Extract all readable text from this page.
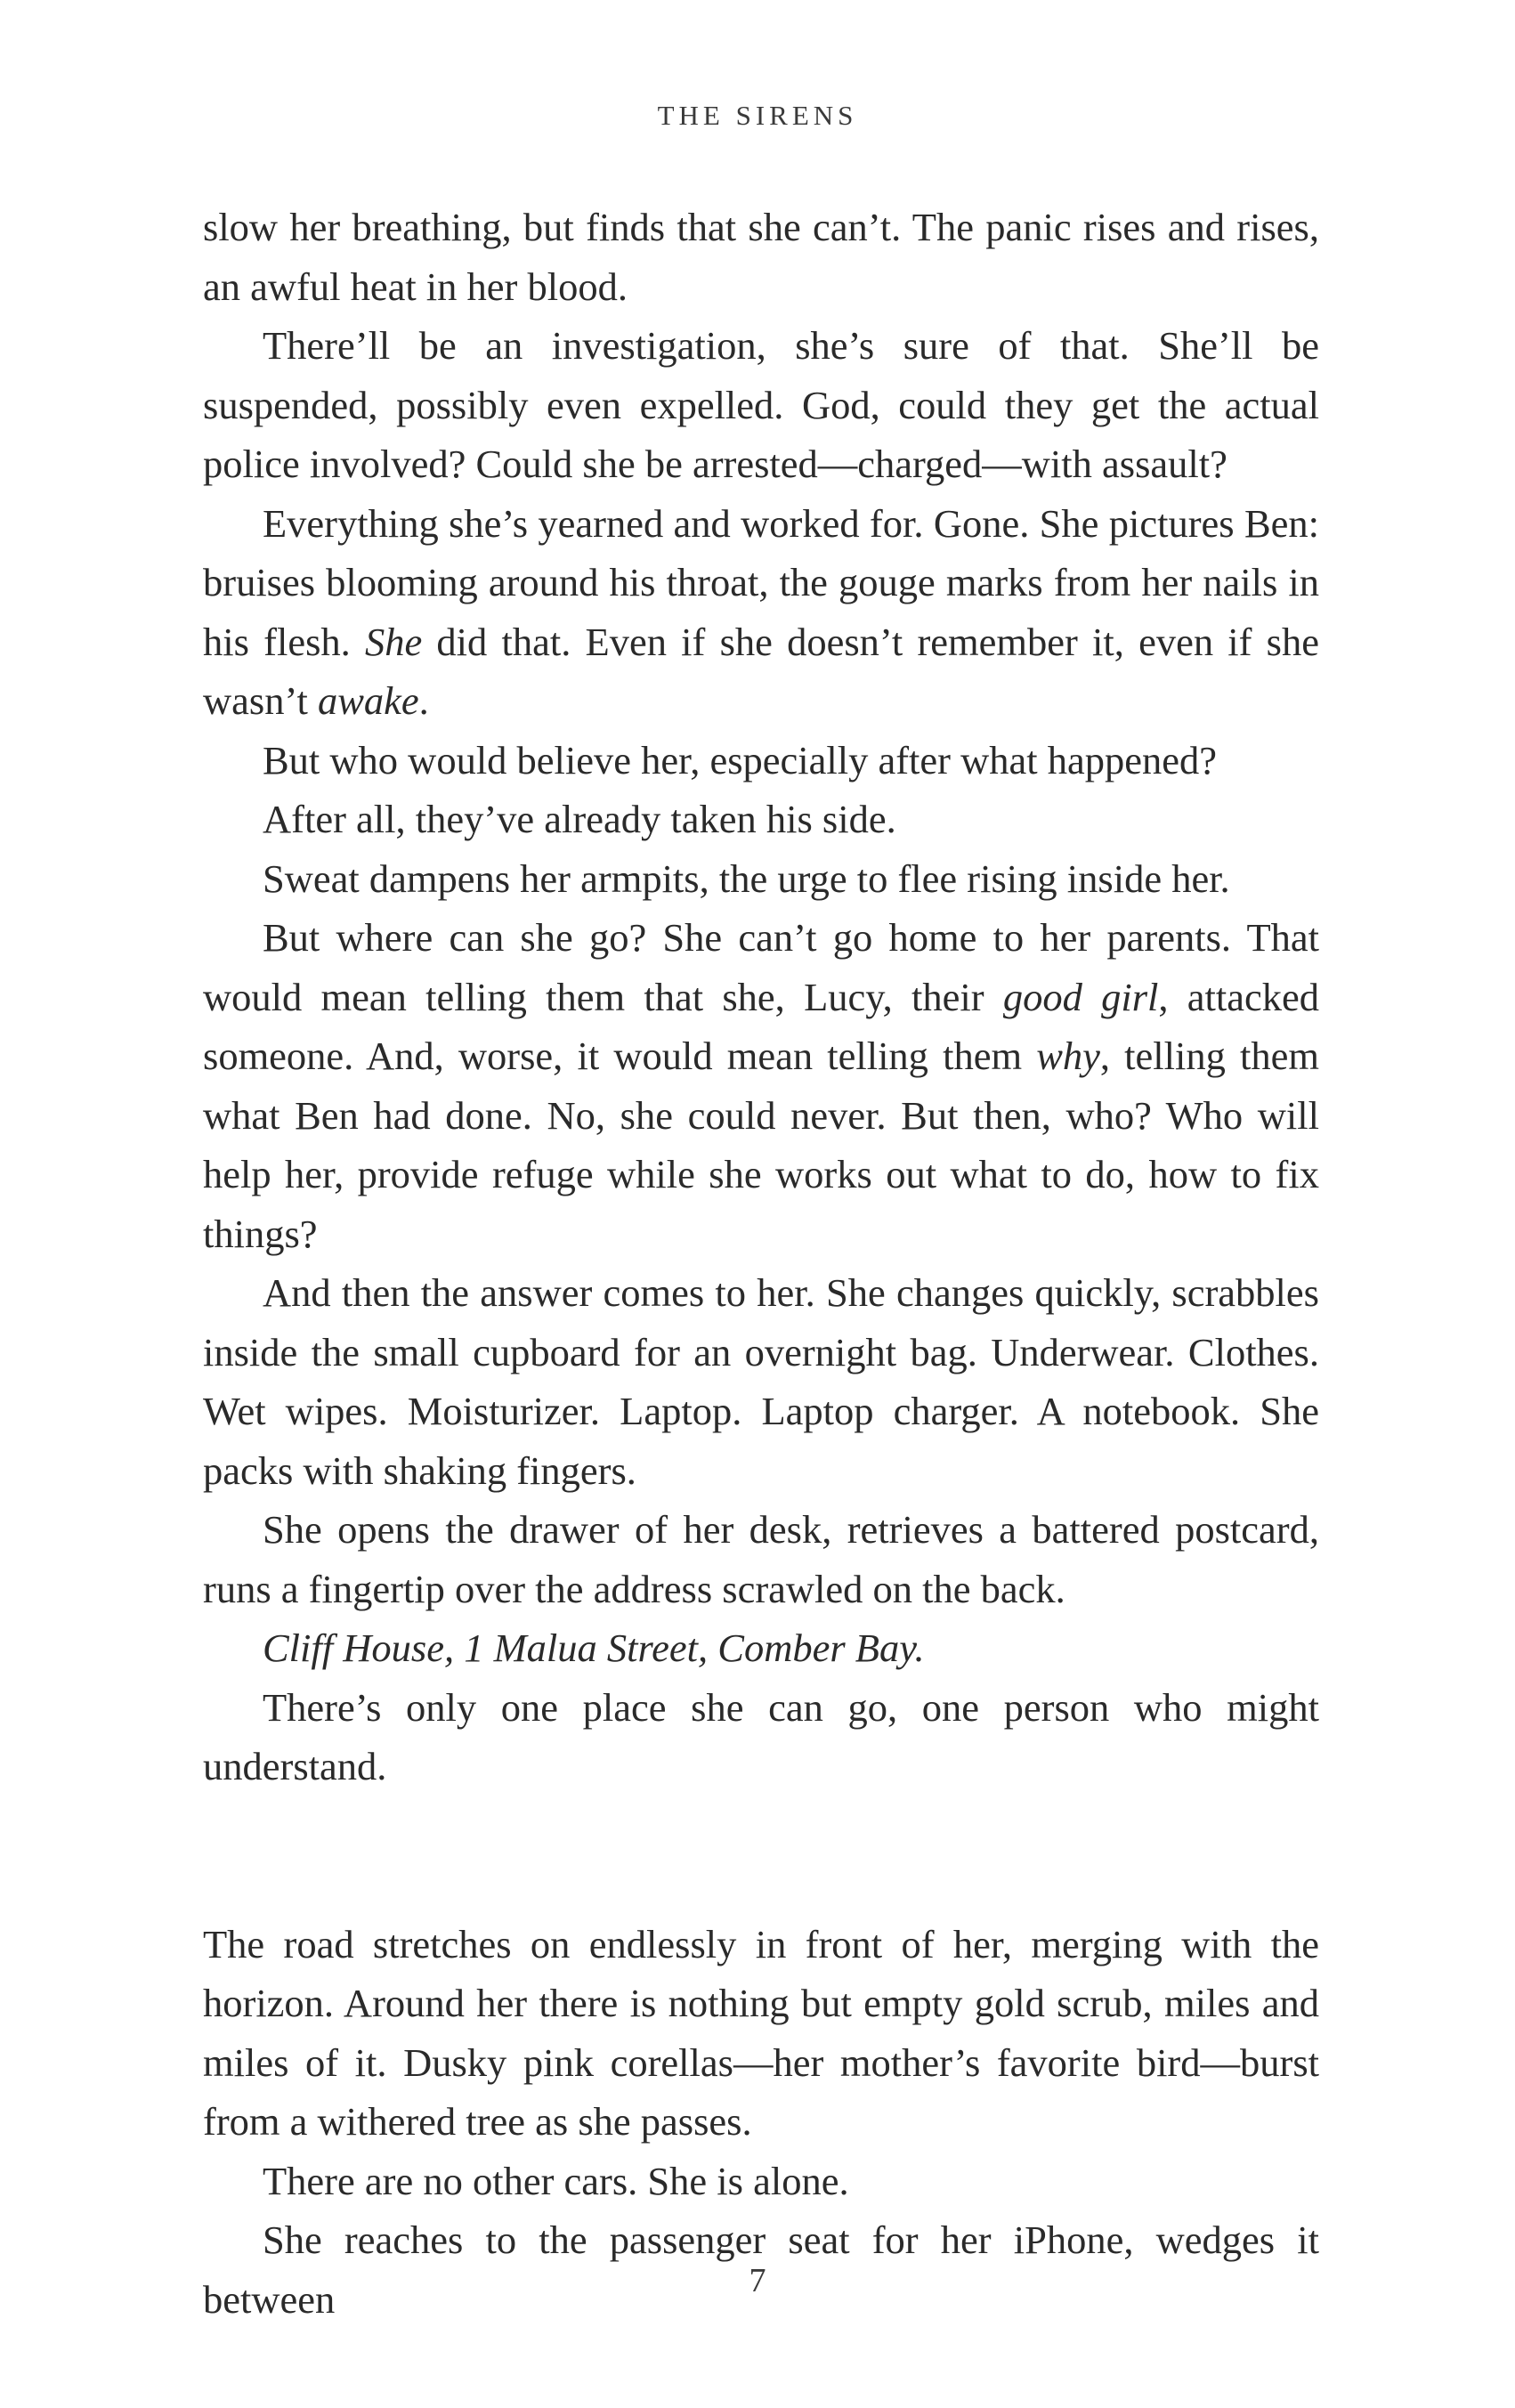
THE SIRENS

slow her breathing, but finds that she can’t. The panic rises and rises, an awful heat in her blood.

There’ll be an investigation, she’s sure of that. She’ll be suspended, possibly even expelled. God, could they get the actual police involved? Could she be arrested—charged—with assault?

Everything she’s yearned and worked for. Gone. She pictures Ben: bruises blooming around his throat, the gouge marks from her nails in his flesh. She did that. Even if she doesn’t remember it, even if she wasn’t awake.

But who would believe her, especially after what happened?

After all, they’ve already taken his side.

Sweat dampens her armpits, the urge to flee rising inside her.

But where can she go? She can’t go home to her parents. That would mean telling them that she, Lucy, their good girl, attacked someone. And, worse, it would mean telling them why, telling them what Ben had done. No, she could never. But then, who? Who will help her, provide refuge while she works out what to do, how to fix things?

And then the answer comes to her. She changes quickly, scrabbles inside the small cupboard for an overnight bag. Underwear. Clothes. Wet wipes. Moisturizer. Laptop. Laptop charger. A notebook. She packs with shaking fingers.

She opens the drawer of her desk, retrieves a battered postcard, runs a fingertip over the address scrawled on the back.

Cliff House, 1 Malua Street, Comber Bay.

There’s only one place she can go, one person who might understand.

The road stretches on endlessly in front of her, merging with the horizon. Around her there is nothing but empty gold scrub, miles and miles of it. Dusky pink corellas—her mother’s favorite bird—burst from a withered tree as she passes.

There are no other cars. She is alone.

She reaches to the passenger seat for her iPhone, wedges it between	7
